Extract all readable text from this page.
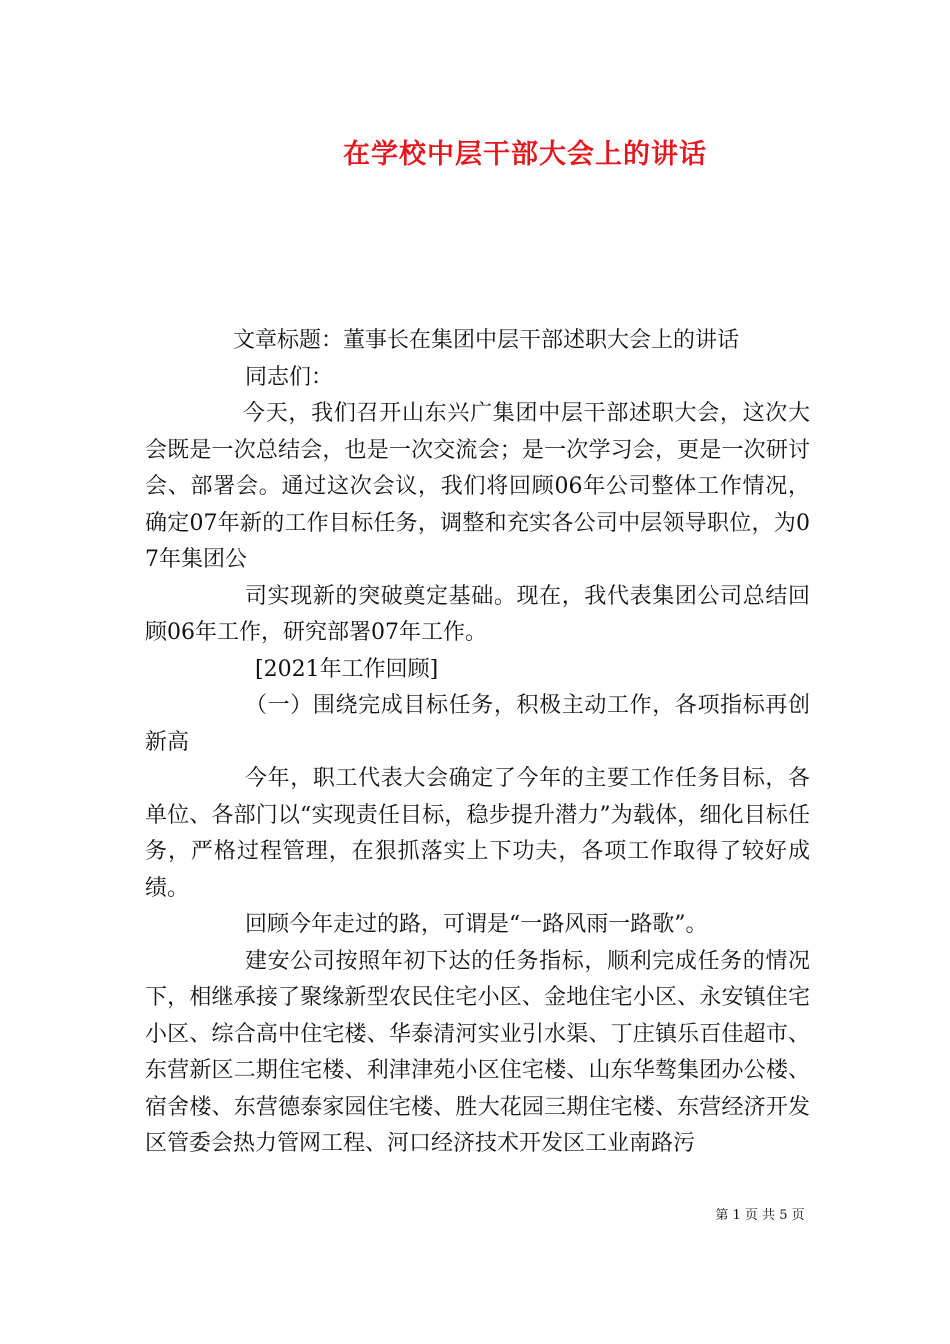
在学校中层干部大会上的讲话

文章标题：董事长在集团中层干部述职大会上的讲话

同志们：

今天，我们召开山东兴广集团中层干部述职大会，这次大会既是一次总结会，也是一次交流会；是一次学习会，更是一次研讨会、部署会。通过这次会议，我们将回顾06年公司整体工作情况，确定07年新的工作目标任务，调整和充实各公司中层领导职位，为07年集团公

司实现新的突破奠定基础。现在，我代表集团公司总结回顾06年工作，研究部署07年工作。

[2021年工作回顾]

（一）围绕完成目标任务，积极主动工作，各项指标再创新高

今年，职工代表大会确定了今年的主要工作任务目标，各单位、各部门以“实现责任目标，稳步提升潜力”为载体，细化目标任务，严格过程管理，在狠抓落实上下功夫，各项工作取得了较好成绩。

回顾今年走过的路，可谓是“一路风雨一路歌”。

建安公司按照年初下达的任务指标，顺利完成任务的情况下，相继承接了聚缘新型农民住宅小区、金地住宅小区、永安镇住宅小区、综合高中住宅楼、华泰清河实业引水渠、丁庄镇乐百佳超市、东营新区二期住宅楼、利津津苑小区住宅楼、山东华骜集团办公楼、宿舍楼、东营德泰家园住宅楼、胜大花园三期住宅楼、东营经济开发区管委会热力管网工程、河口经济技术开发区工业南路污

第 1 页 共 5 页
